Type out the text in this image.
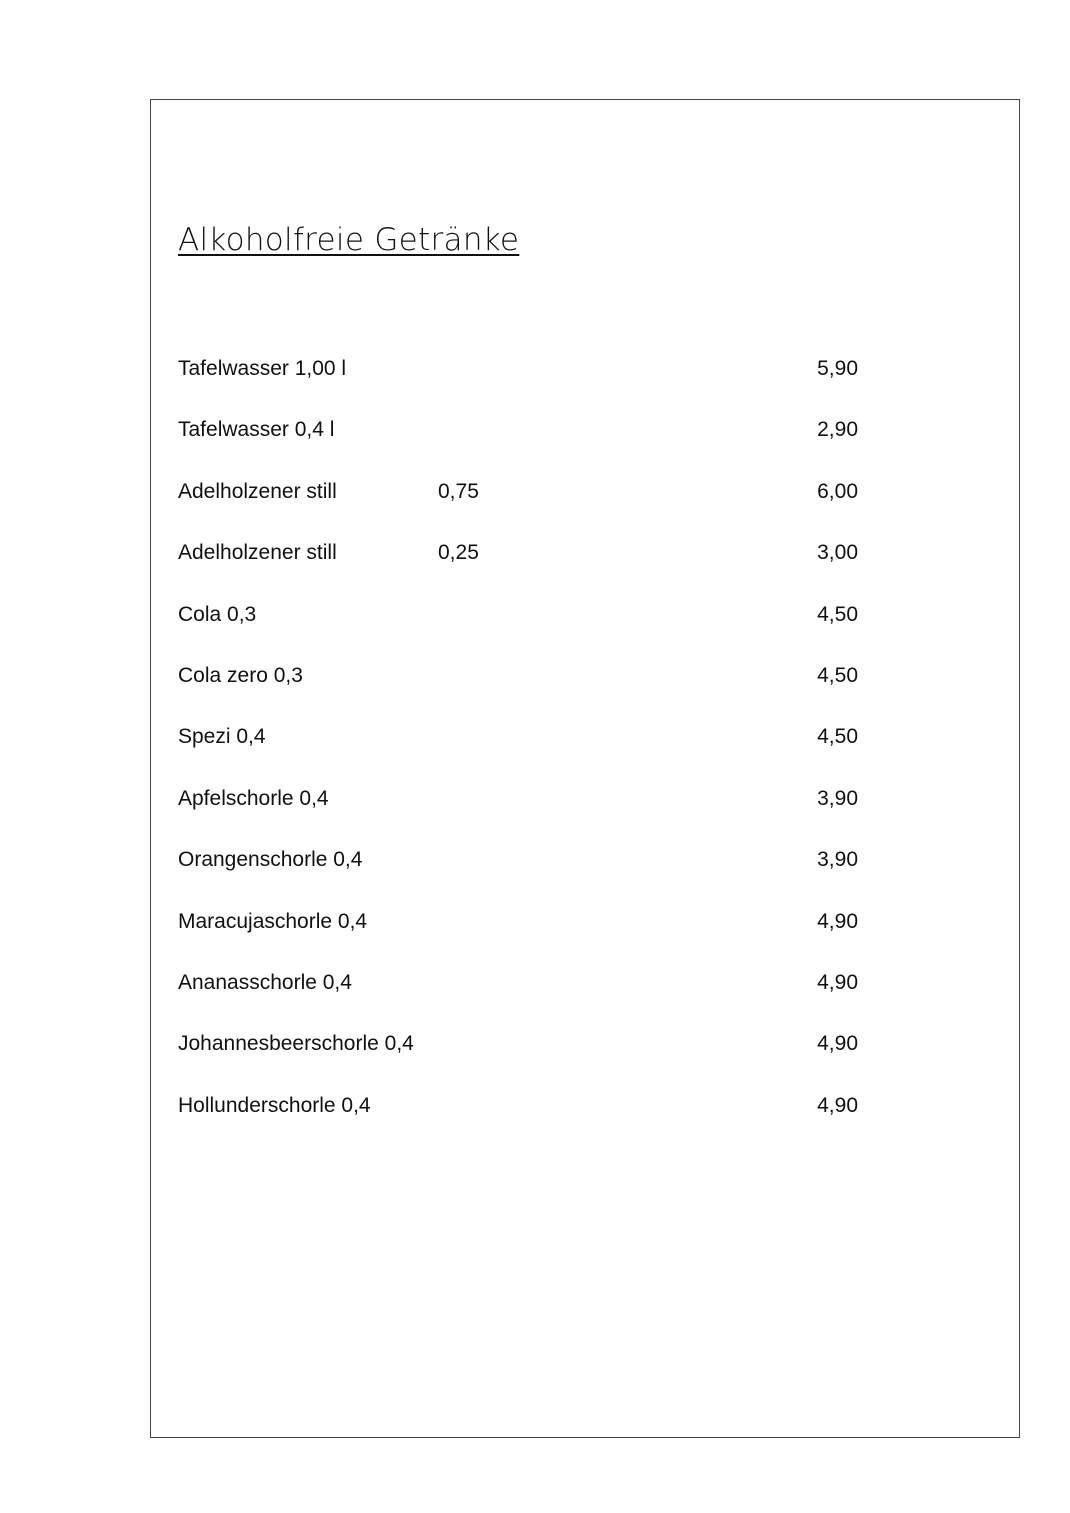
Alkoholfreie Getränke
Tafelwasser 1,00 l	5,90
Tafelwasser 0,4 l	2,90
Adelholzener still	0,75	6,00
Adelholzener still	0,25	3,00
Cola 0,3	4,50
Cola zero 0,3	4,50
Spezi 0,4	4,50
Apfelschorle 0,4	3,90
Orangenschorle 0,4	3,90
Maracujaschorle 0,4	4,90
Ananasschorle 0,4	4,90
Johannesbeerschorle 0,4	4,90
Hollunderschorle 0,4	4,90
